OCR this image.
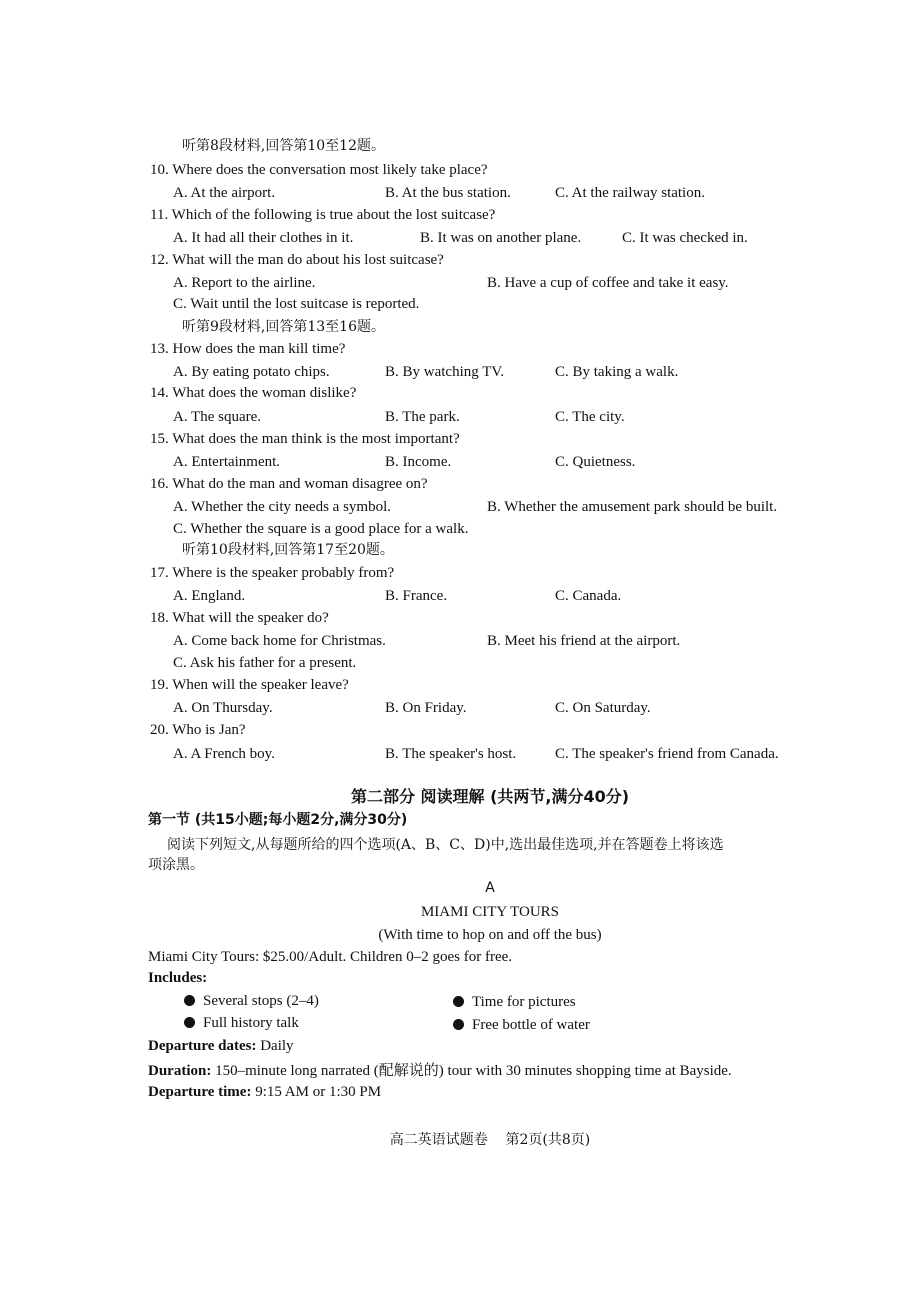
听第8段材料,回答第10至12题。
10. Where does the conversation most likely take place?
A. At the airport.	B. At the bus station.	C. At the railway station.
11. Which of the following is true about the lost suitcase?
A. It had all their clothes in it.	B. It was on another plane.	C. It was checked in.
12. What will the man do about his lost suitcase?
A. Report to the airline.	B. Have a cup of coffee and take it easy.
C. Wait until the lost suitcase is reported.
听第9段材料,回答第13至16题。
13. How does the man kill time?
A. By eating potato chips.	B. By watching TV.	C. By taking a walk.
14. What does the woman dislike?
A. The square.	B. The park.	C. The city.
15. What does the man think is the most important?
A. Entertainment.	B. Income.	C. Quietness.
16. What do the man and woman disagree on?
A. Whether the city needs a symbol.	B. Whether the amusement park should be built.
C. Whether the square is a good place for a walk.
听第10段材料,回答第17至20题。
17. Where is the speaker probably from?
A. England.	B. France.	C. Canada.
18. What will the speaker do?
A. Come back home for Christmas.	B. Meet his friend at the airport.
C. Ask his father for a present.
19. When will the speaker leave?
A. On Thursday.	B. On Friday.	C. On Saturday.
20. Who is Jan?
A. A French boy.	B. The speaker's host.	C. The speaker's friend from Canada.
第二部分 阅读理解 (共两节,满分40分)
第一节 (共15小题;每小题2分,满分30分)
阅读下列短文,从每题所给的四个选项(A、B、C、D)中,选出最佳选项,并在答题卷上将该选
项涂黑。
A
MIAMI CITY TOURS
(With time to hop on and off the bus)
Miami City Tours: $25.00/Adult. Children 0–2 goes for free.
Includes:
Several stops (2–4)	Time for pictures
Full history talk	Free bottle of water
Departure dates: Daily
Duration: 150–minute long narrated (配解说的) tour with 30 minutes shopping time at Bayside.
Departure time: 9:15 AM or 1:30 PM
高二英语试题卷    第2页(共8页)
